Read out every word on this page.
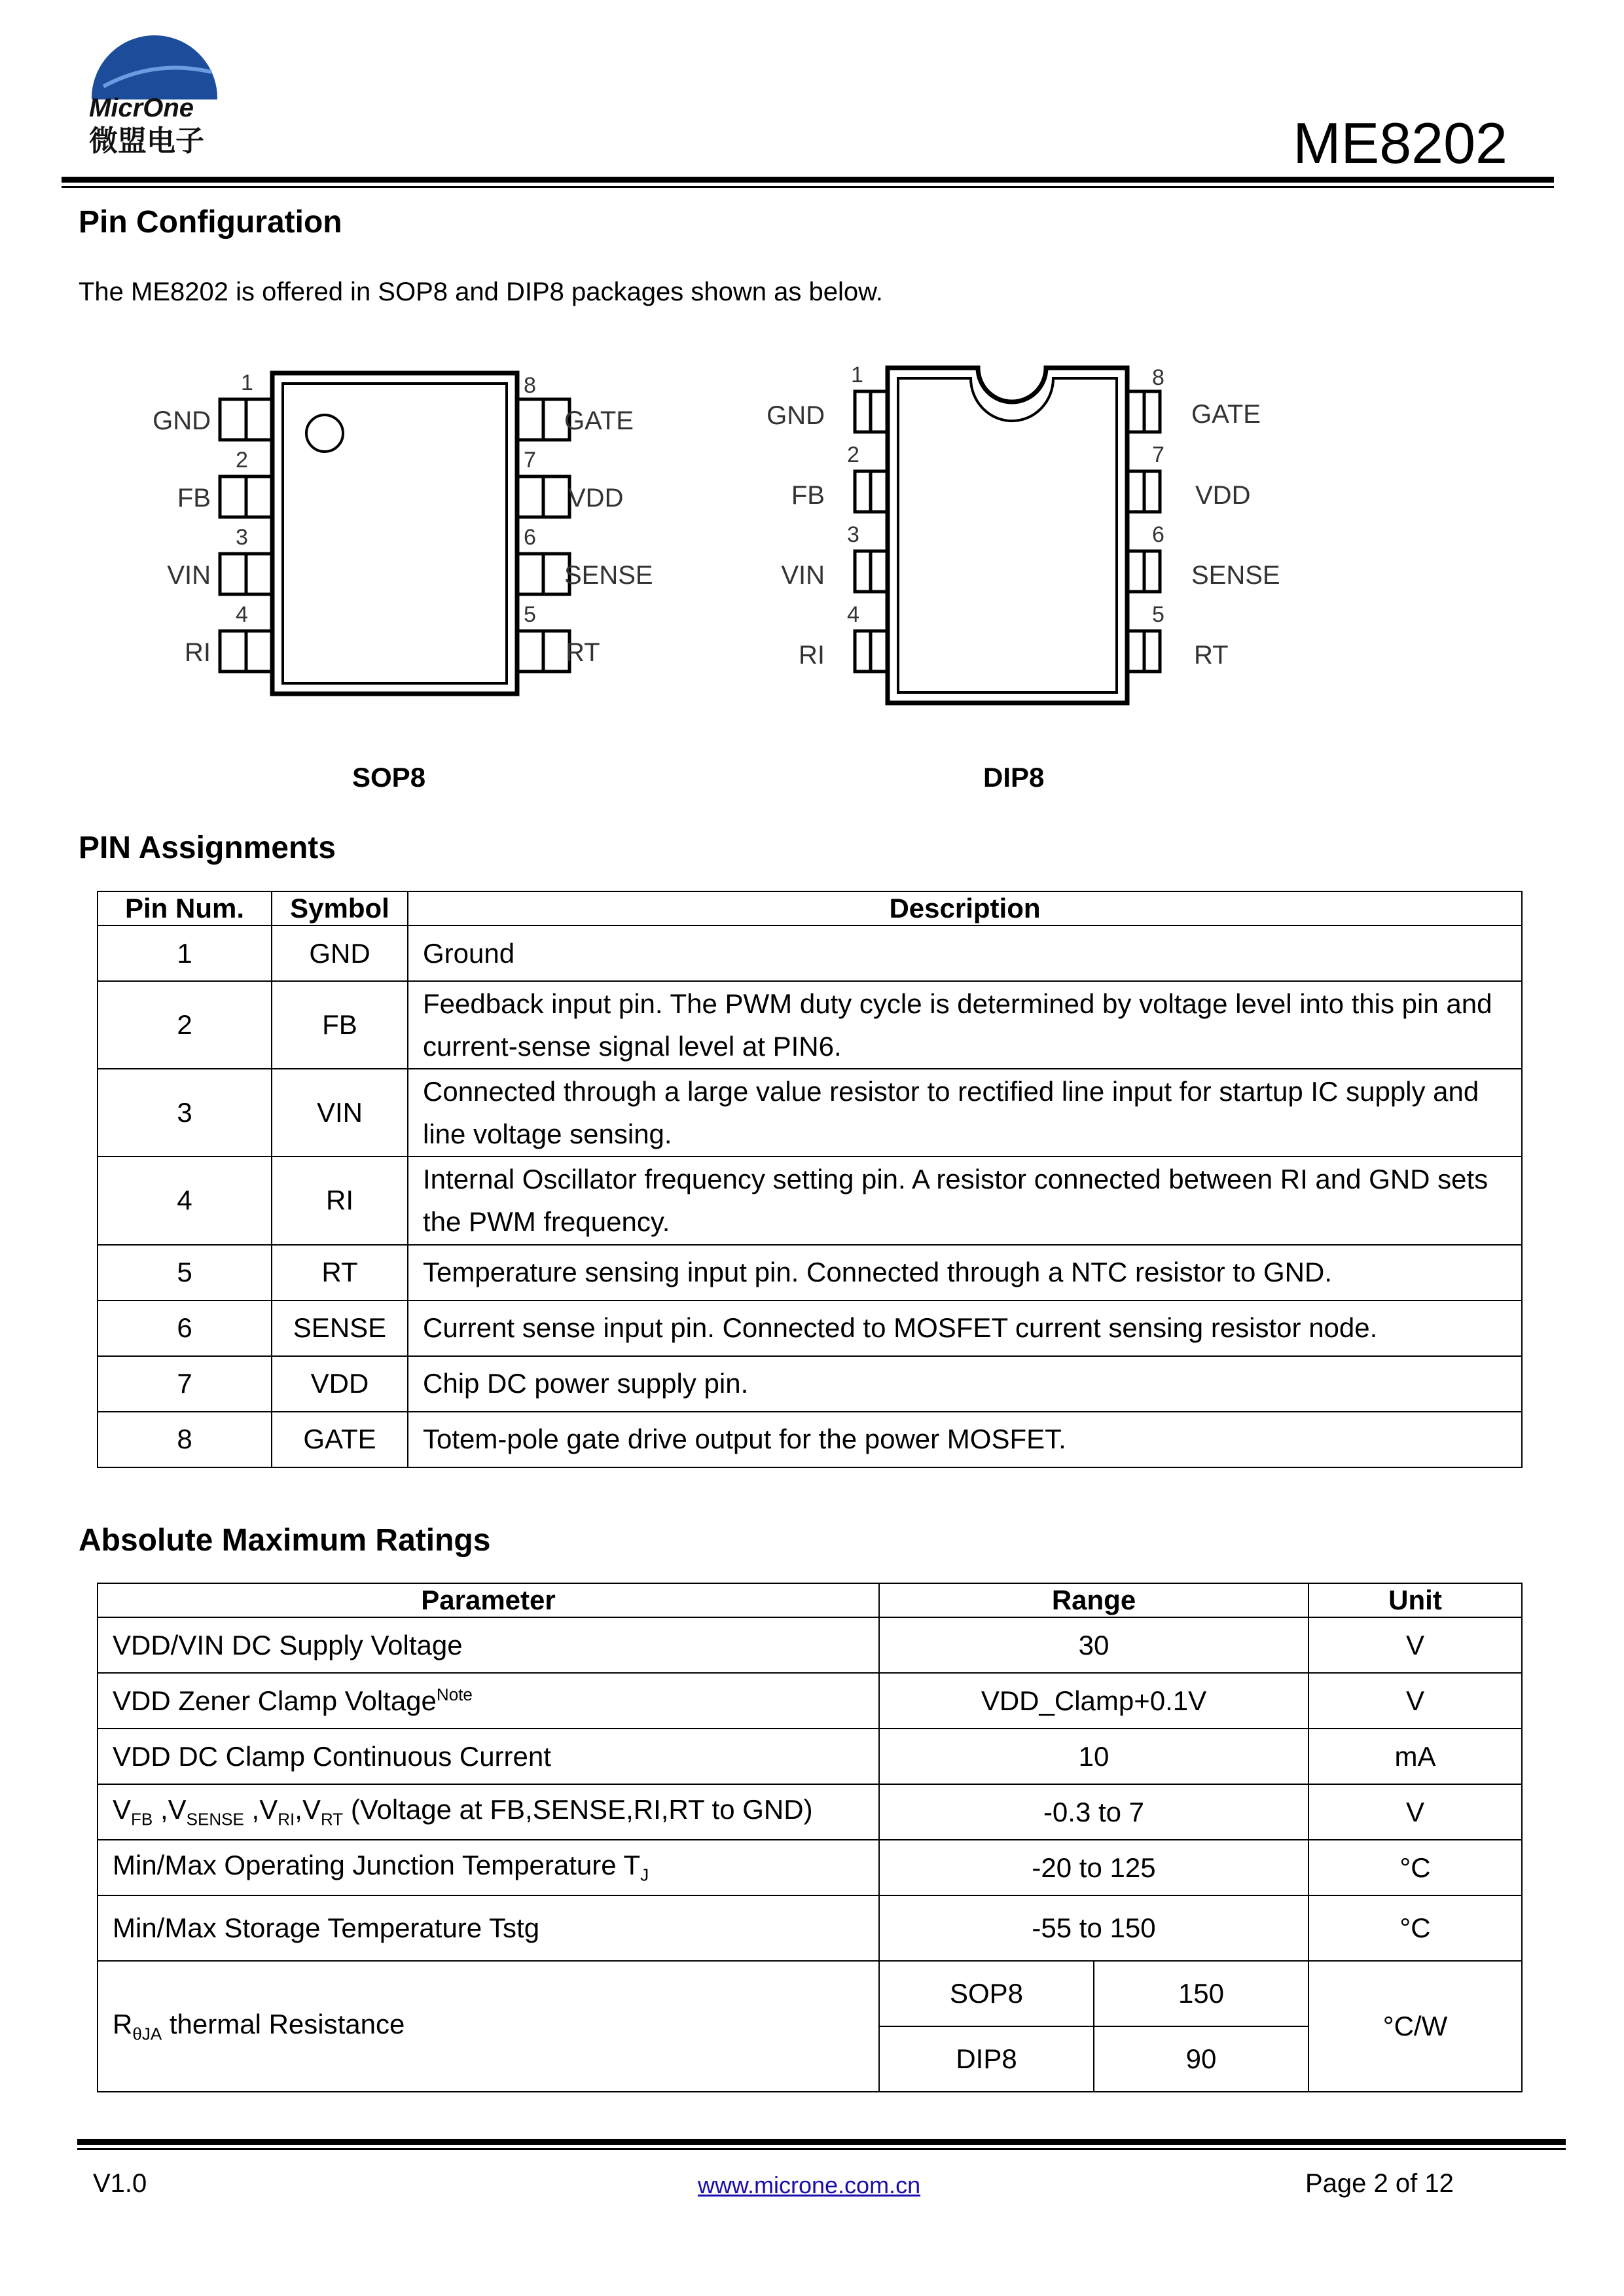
MicrOne
微盟电子	ME8202
Pin Configuration
The ME8202 is offered in SOP8 and DIP8 packages shown as below.
1
2
3
4
8
7
6
5
GND
FB
VIN
RI
GATE
VDD
SENSE
RT
1
2
3
4
8
7
6
5
GND
FB
VIN
RI
GATE
VDD
SENSE
RT
SOP8	DIP8
PIN Assignments
Pin Num.	Symbol	Description
1	GND	Ground
2	FB	Feedback input pin. The PWM duty cycle is determined by voltage level into this pin and current-sense signal level at PIN6.
3	VIN	Connected through a large value resistor to rectified line input for startup IC supply and line voltage sensing.
4	RI	Internal Oscillator frequency setting pin. A resistor connected between RI and GND sets the PWM frequency.
5	RT	Temperature sensing input pin. Connected through a NTC resistor to GND.
6	SENSE	Current sense input pin. Connected to MOSFET current sensing resistor node.
7	VDD	Chip DC power supply pin.
8	GATE	Totem-pole gate drive output for the power MOSFET.
Absolute Maximum Ratings
Parameter	Range		Unit
VDD/VIN DC Supply Voltage	30		V
VDD Zener Clamp Voltage$^{Note}$	VDD_Clamp+0.1V		V
VDD DC Clamp Continuous Current	10		mA
$V_{FB}$ $,V_{SENSE}$ $,V_{RI},V_{RT}$ (Voltage at FB,SENSE,RI,RT to GND)	-0.3 to 7		V
Min/Max Operating Junction Temperature $T_J$	-20 to 125		°C
Min/Max Storage Temperature Tstg	-55 to 150		°C
$R_{\theta JA}$ thermal Resistance	SOP8	150	°C/W
	DIP8	90	
V1.0	www.microne.com.cn	Page 2 of 12
